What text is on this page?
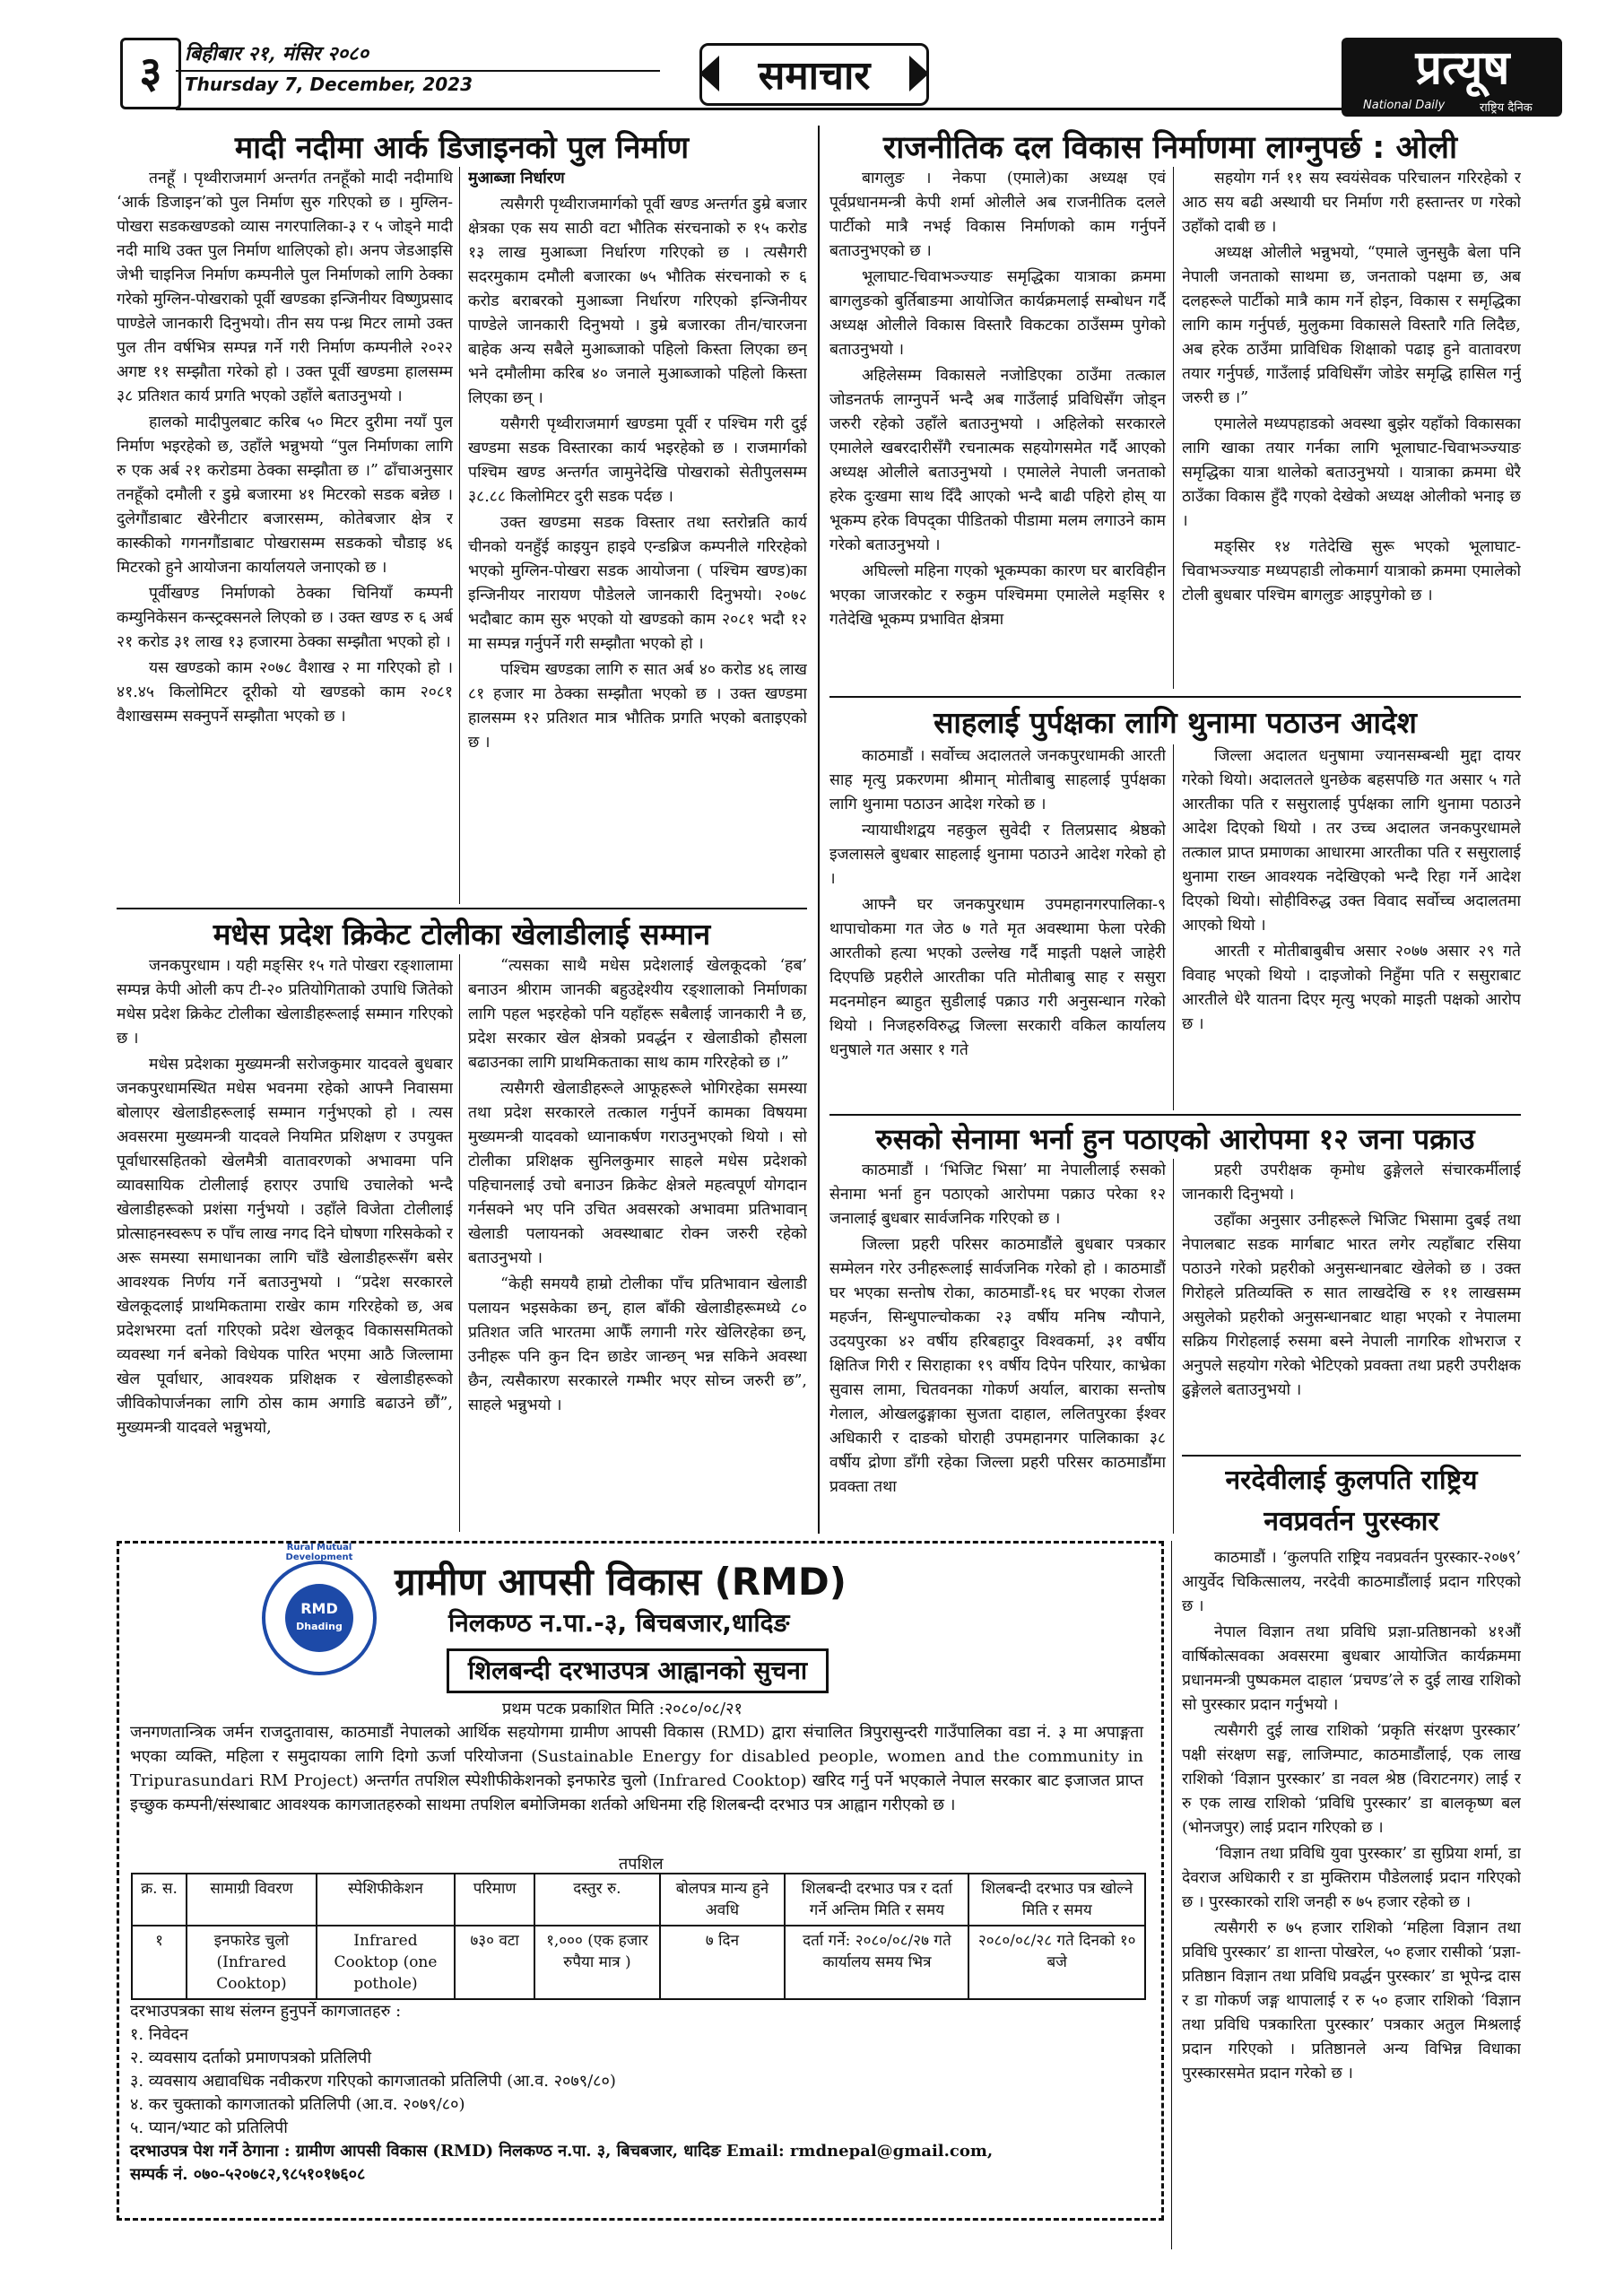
३	बिहीबार २१, मंसिर २०८०
Thursday 7, December, 2023	समाचार	प्रत्यूष
National Daily	राष्ट्रिय दैनिक
मादी नदीमा आर्क डिजाइनको पुल निर्माण

तनहूँ । पृथ्वीराजमार्ग अन्तर्गत तनहूँको मादी नदीमाथि ‘आर्क डिजाइन’को पुल निर्माण सुरु गरिएको छ । मुग्लिन-पोखरा सडकखण्डको व्यास नगरपालिका-३ र ५ जोड्ने मादी नदी माथि उक्त पुल निर्माण थालिएको हो। अनप जेडआइसि जेभी चाइनिज निर्माण कम्पनीले पुल निर्माणको लागि ठेक्का गरेको मुग्लिन-पोखराको पूर्वी खण्डका इन्जिनीयर विष्णुप्रसाद पाण्डेले जानकारी दिनुभयो। तीन सय पन्ध्र मिटर लामो उक्त पुल तीन वर्षभित्र सम्पन्न गर्ने गरी निर्माण कम्पनीले २०२२ अगष्ट ११ सम्झौता गरेको हो । उक्त पूर्वी खण्डमा हालसम्म ३८ प्रतिशत कार्य प्रगति भएको उहाँले बताउनुभयो ।

हालको मादीपुलबाट करिब ५० मिटर दुरीमा नयाँ पुल निर्माण भइरहेको छ, उहाँले भन्नुभयो “पुल निर्माणका लागि रु एक अर्ब २१ करोडमा ठेक्का सम्झौता छ ।” ढाँचाअनुसार तनहूँको दमौली र डुम्रे बजारमा ४१ मिटरको सडक बन्नेछ । दुलेगौंडाबाट खैरेनीटार बजारसम्म, कोतेबजार क्षेत्र र कास्कीको गगनगौंडाबाट पोखरासम्म सडकको चौडाइ ४६ मिटरको हुने आयोजना कार्यालयले जनाएको छ ।

पूर्वीखण्ड निर्माणको ठेक्का चिनियाँ कम्पनी कम्युनिकेसन कन्स्ट्रक्सनले लिएको छ । उक्त खण्ड रु ६ अर्ब २१ करोड ३१ लाख १३ हजारमा ठेक्का सम्झौता भएको हो ।

यस खण्डको काम २०७८ वैशाख २ मा गरिएको हो । ४१.४५ किलोमिटर दूरीको यो खण्डको काम २०८१ वैशाखसम्म सक्नुपर्ने सम्झौता भएको छ ।

मुआब्जा निर्धारण

त्यसैगरी पृथ्वीराजमार्गको पूर्वी खण्ड अन्तर्गत डुम्रे बजार क्षेत्रका एक सय साठी वटा भौतिक संरचनाको रु १५ करोड १३ लाख मुआब्जा निर्धारण गरिएको छ । त्यसैगरी सदरमुकाम दमौली बजारका ७५ भौतिक संरचनाको रु ६ करोड बराबरको मुआब्जा निर्धारण गरिएको इन्जिनीयर पाण्डेले जानकारी दिनुभयो । डुम्रे बजारका तीन/चारजना बाहेक अन्य सबैले मुआब्जाको पहिलो किस्ता लिएका छन् भने दमौलीमा करिब ४० जनाले मुआब्जाको पहिलो किस्ता लिएका छन् ।

यसैगरी पृथ्वीराजमार्ग खण्डमा पूर्वी र पश्चिम गरी दुई खण्डमा सडक विस्तारका कार्य भइरहेको छ । राजमार्गको पश्चिम खण्ड अन्तर्गत जामुनेदेखि पोखराको सेतीपुलसम्म ३८.८८ किलोमिटर दुरी सडक पर्दछ ।

उक्त खण्डमा सडक विस्तार तथा स्तरोन्नति कार्य चीनको यनहुँई काइयुन हाइवे एन्डब्रिज कम्पनीले गरिरहेको भएको मुग्लिन-पोखरा सडक आयोजना ( पश्चिम खण्ड)का इन्जिनीयर नारायण पौडेलले जानकारी दिनुभयो। २०७८ भदौबाट काम सुरु भएको यो खण्डको काम २०८१ भदौ १२ मा सम्पन्न गर्नुपर्ने गरी सम्झौता भएको हो ।

पश्चिम खण्डका लागि रु सात अर्ब ४० करोड ४६ लाख ८१ हजार मा ठेक्का सम्झौता भएको छ । उक्त खण्डमा हालसम्म १२ प्रतिशत मात्र भौतिक प्रगति भएको बताइएको छ ।

मधेस प्रदेश क्रिकेट टोलीका खेलाडीलाई सम्मान

जनकपुरधाम । यही मङ्सिर १५ गते पोखरा रङ्शालामा सम्पन्न केपी ओली कप टी-२० प्रतियोगिताको उपाधि जितेको मधेस प्रदेश क्रिकेट टोलीका खेलाडीहरूलाई सम्मान गरिएको छ ।

मधेस प्रदेशका मुख्यमन्त्री सरोजकुमार यादवले बुधबार जनकपुरधामस्थित मधेस भवनमा रहेको आफ्नै निवासमा बोलाएर खेलाडीहरूलाई सम्मान गर्नुभएको हो । त्यस अवसरमा मुख्यमन्त्री यादवले नियमित प्रशिक्षण र उपयुक्त पूर्वाधारसहितको खेलमैत्री वातावरणको अभावमा पनि व्यावसायिक टोलीलाई हराएर उपाधि उचालेको भन्दै खेलाडीहरूको प्रशंसा गर्नुभयो । उहाँले विजेता टोलीलाई प्रोत्साहनस्वरूप रु पाँच लाख नगद दिने घोषणा गरिसकेको र अरू समस्या समाधानका लागि चाँडै खेलाडीहरूसँग बसेर आवश्यक निर्णय गर्ने बताउनुभयो । “प्रदेश सरकारले खेलकूदलाई प्राथमिकतामा राखेर काम गरिरहेको छ, अब प्रदेशभरमा दर्ता गरिएको प्रदेश खेलकूद विकाससमितको व्यवस्था गर्न बनेको विधेयक पारित भएमा आठै जिल्लामा खेल पूर्वाधार, आवश्यक प्रशिक्षक र खेलाडीहरूको जीविकोपार्जनका लागि ठोस काम अगाडि बढाउने छौं”, मुख्यमन्त्री यादवले भन्नुभयो,

“त्यसका साथै मधेस प्रदेशलाई खेलकूदको ‘हब’ बनाउन श्रीराम जानकी बहुउद्देश्यीय रङ्शालाको निर्माणका लागि पहल भइरहेको पनि यहाँहरू सबैलाई जानकारी नै छ, प्रदेश सरकार खेल क्षेत्रको प्रवर्द्धन र खेलाडीको हौसला बढाउनका लागि प्राथमिकताका साथ काम गरिरहेको छ ।”

त्यसैगरी खेलाडीहरूले आफूहरूले भोगिरहेका समस्या तथा प्रदेश सरकारले तत्काल गर्नुपर्ने कामका विषयमा मुख्यमन्त्री यादवको ध्यानाकर्षण गराउनुभएको थियो । सो टोलीका प्रशिक्षक सुनिलकुमार साहले मधेस प्रदेशको पहिचानलाई उचो बनाउन क्रिकेट क्षेत्रले महत्वपूर्ण योगदान गर्नसक्ने भए पनि उचित अवसरको अभावमा प्रतिभावान् खेलाडी पलायनको अवस्थाबाट रोक्न जरुरी रहेको बताउनुभयो ।

“केही समययै हाम्रो टोलीका पाँच प्रतिभावान खेलाडी पलायन भइसकेका छन्, हाल बाँकी खेलाडीहरूमध्ये ८० प्रतिशत जति भारतमा आफैँ लगानी गरेर खेलिरहेका छन्, उनीहरू पनि कुन दिन छाडेर जान्छन् भन्न सकिने अवस्था छैन, त्यसैकारण सरकारले गम्भीर भएर सोच्न जरुरी छ”, साहले भन्नुभयो ।

राजनीतिक दल विकास निर्माणमा लाग्नुपर्छ : ओली

बागलुङ । नेकपा (एमाले)का अध्यक्ष एवं पूर्वप्रधानमन्त्री केपी शर्मा ओलीले अब राजनीतिक दलले पार्टीको मात्रै नभई विकास निर्माणको काम गर्नुपर्ने बताउनुभएको छ ।

भूलाघाट-चिवाभञ्ज्याङ समृद्धिका यात्राका क्रममा बागलुङको बुर्तिबाङमा आयोजित कार्यक्रमलाई सम्बोधन गर्दै अध्यक्ष ओलीले विकास विस्तारै विकटका ठाउँसम्म पुगेको बताउनुभयो ।

अहिलेसम्म विकासले नजोडिएका ठाउँमा तत्काल जोडनतर्फ लाग्नुपर्ने भन्दै अब गाउँलाई प्रविधिसँग जोड्न जरुरी रहेको उहाँले बताउनुभयो । अहिलेको सरकारले एमालेले खबरदारीसँगै रचनात्मक सहयोगसमेत गर्दै आएको अध्यक्ष ओलीले बताउनुभयो । एमालेले नेपाली जनताको हरेक दुःखमा साथ दिँदै आएको भन्दै बाढी पहिरो होस् या भूकम्प हरेक विपद्का पीडितको पीडामा मलम लगाउने काम गरेको बताउनुभयो ।

अघिल्लो महिना गएको भूकम्पका कारण घर बारविहीन भएका जाजरकोट र रुकुम पश्चिममा एमालेले मङ्सिर १ गतेदेखि भूकम्प प्रभावित क्षेत्रमा

सहयोग गर्न ११ सय स्वयंसेवक परिचालन गरिरहेको र आठ सय बढी अस्थायी घर निर्माण गरी हस्तान्तर ण गरेको उहाँको दाबी छ ।

अध्यक्ष ओलीले भन्नुभयो, “एमाले जुनसुकै बेला पनि नेपाली जनताको साथमा छ, जनताको पक्षमा छ, अब दलहरूले पार्टीको मात्रै काम गर्ने होइन, विकास र समृद्धिका लागि काम गर्नुपर्छ, मुलुकमा विकासले विस्तारै गति लिदैछ, अब हरेक ठाउँमा प्राविधिक शिक्षाको पढाइ हुने वातावरण तयार गर्नुपर्छ, गाउँलाई प्रविधिसँग जोडेर समृद्धि हासिल गर्नु जरुरी छ ।”

एमालेले मध्यपहाडको अवस्था बुझेर यहाँको विकासका लागि खाका तयार गर्नका लागि भूलाघाट-चिवाभञ्ज्याङ समृद्धिका यात्रा थालेको बताउनुभयो । यात्राका क्रममा धेरै ठाउँका विकास हुँदै गएको देखेको अध्यक्ष ओलीको भनाइ छ ।

मङ्सिर १४ गतेदेखि सुरू भएको भूलाघाट-चिवाभञ्ज्याङ मध्यपहाडी लोकमार्ग यात्राको क्रममा एमालेको टोली बुधबार पश्चिम बागलुङ आइपुगेको छ ।

साहलाई पुर्पक्षका लागि थुनामा पठाउन आदेश

काठमाडौं । सर्वोच्च अदालतले जनकपुरधामकी आरती साह मृत्यु प्रकरणमा श्रीमान् मोतीबाबु साहलाई पुर्पक्षका लागि थुनामा पठाउन आदेश गरेको छ ।

न्यायाधीशद्वय नहकुल सुवेदी र तिलप्रसाद श्रेष्ठको इजलासले बुधबार साहलाई थुनामा पठाउने आदेश गरेको हो ।

आफ्नै घर जनकपुरधाम उपमहानगरपालिका-९ थापाचोकमा गत जेठ ७ गते मृत अवस्थामा फेला परेकी आरतीको हत्या भएको उल्लेख गर्दै माइती पक्षले जाहेरी दिएपछि प्रहरीले आरतीका पति मोतीबाबु साह र ससुरा मदनमोहन ब्याहुत सुडीलाई पक्राउ गरी अनुसन्धान गरेको थियो । निजहरुविरुद्ध जिल्ला सरकारी वकिल कार्यालय धनुषाले गत असार १ गते

जिल्ला अदालत धनुषामा ज्यानसम्बन्धी मुद्दा दायर गरेको थियो। अदालतले धुनछेक बहसपछि गत असार ५ गते आरतीका पति र ससुरालाई पुर्पक्षका लागि थुनामा पठाउने आदेश दिएको थियो । तर उच्च अदालत जनकपुरधामले तत्काल प्राप्त प्रमाणका आधारमा आरतीका पति र ससुरालाई थुनामा राख्न आवश्यक नदेखिएको भन्दै रिहा गर्ने आदेश दिएको थियो। सोहीविरुद्ध उक्त विवाद सर्वोच्च अदालतमा आएको थियो ।

आरती र मोतीबाबुबीच असार २०७७ असार २९ गते विवाह भएको थियो । दाइजोको निहुँमा पति र ससुराबाट आरतीले धेरै यातना दिएर मृत्यु भएको माइती पक्षको आरोप छ ।

रुसको सेनामा भर्ना हुन पठाएको आरोपमा १२ जना पक्राउ

काठमाडौं । ‘भिजिट भिसा’ मा नेपालीलाई रुसको सेनामा भर्ना हुन पठाएको आरोपमा पक्राउ परेका १२ जनालाई बुधबार सार्वजनिक गरिएको छ ।

जिल्ला प्रहरी परिसर काठमाडौंले बुधबार पत्रकार सम्मेलन गरेर उनीहरूलाई सार्वजनिक गरेको हो । काठमाडौं घर भएका सन्तोष रोका, काठमाडौं-१६ घर भएका रोजल महर्जन, सिन्धुपाल्चोकका २३ वर्षीय मनिष न्यौपाने, उदयपुरका ४२ वर्षीय हरिबहादुर विश्वकर्मा, ३१ वर्षीय क्षितिज गिरी र सिराहाका १९ वर्षीय दिपेन परियार, काभ्रेका सुवास लामा, चितवनका गोकर्ण अर्याल, बाराका सन्तोष गेलाल, ओखलढुङ्गाका सुजता दाहाल, ललितपुरका ईश्वर अधिकारी र दाङको घोराही उपमहानगर पालिकाका ३८ वर्षीय द्रोणा डाँगी रहेका जिल्ला प्रहरी परिसर काठमाडौंमा प्रवक्ता तथा

प्रहरी उपरीक्षक कृमोध ढुङ्गेलले संचारकर्मीलाई जानकारी दिनुभयो ।

उहाँका अनुसार उनीहरूले भिजिट भिसामा दुबई तथा नेपालबाट सडक मार्गबाट भारत लगेर त्यहाँबाट रसिया पठाउने गरेको प्रहरीको अनुसन्धानबाट खेलेको छ । उक्त गिरोहले प्रतिव्यक्ति रु सात लाखदेखि रु ११ लाखसम्म असुलेको प्रहरीको अनुसन्धानबाट थाहा भएको र नेपालमा सक्रिय गिरोहलाई रुसमा बस्ने नेपाली नागरिक शोभराज र अनुपले सहयोग गरेको भेटिएको प्रवक्ता तथा प्रहरी उपरीक्षक ढुङ्गेलले बताउनुभयो ।

नरदेवीलाई कुलपति राष्ट्रिय
नवप्रवर्तन पुरस्कार

काठमाडौं । ‘कुलपति राष्ट्रिय नवप्रवर्तन पुरस्कार-२०७९’ आयुर्वेद चिकित्सालय, नरदेवी काठमाडौंलाई प्रदान गरिएको छ ।

नेपाल विज्ञान तथा प्रविधि प्रज्ञा-प्रतिष्ठानको ४१औं वार्षिकोत्सवका अवसरमा बुधबार आयोजित कार्यक्रममा प्रधानमन्त्री पुष्पकमल दाहाल ‘प्रचण्ड’ले रु दुई लाख राशिको सो पुरस्कार प्रदान गर्नुभयो ।

त्यसैगरी दुई लाख राशिको ‘प्रकृति संरक्षण पुरस्कार’ पक्षी संरक्षण सङ्घ, लाजिम्पाट, काठमाडौंलाई, एक लाख राशिको ‘विज्ञान पुरस्कार’ डा नवल श्रेष्ठ (विराटनगर) लाई र रु एक लाख राशिको ‘प्रविधि पुरस्कार’ डा बालकृष्ण बल (भोनजपुर) लाई प्रदान गरिएको छ ।

‘विज्ञान तथा प्रविधि युवा पुरस्कार’ डा सुप्रिया शर्मा, डा देवराज अधिकारी र डा मुक्तिराम पौडेललाई प्रदान गरिएको छ । पुरस्कारको राशि जनही रु ७५ हजार रहेको छ ।

त्यसैगरी रु ७५ हजार राशिको ‘महिला विज्ञान तथा प्रविधि पुरस्कार’ डा शान्ता पोखरेल, ५० हजार रासीको ‘प्रज्ञा-प्रतिष्ठान विज्ञान तथा प्रविधि प्रवर्द्धन पुरस्कार’ डा भूपेन्द्र दास र डा गोकर्ण जङ्ग थापालाई र रु ५० हजार राशिको ‘विज्ञान तथा प्रविधि पत्रकारिता पुरस्कार’ पत्रकार अतुल मिश्रलाई प्रदान गरिएको । प्रतिष्ठानले अन्य विभिन्न विधाका पुरस्कारसमेत प्रदान गरेको छ ।

RMD
Dhading
Rural Mutual Development
ग्रामीण आपसी विकास (RMD)
निलकण्ठ न.पा.-३, बिचबजार,धादिङ
शिलबन्दी दरभाउपत्र आह्वानको सुचना
प्रथम पटक प्रकाशित मिति :२०८०/०८/२१
जनगणतान्त्रिक जर्मन राजदुतावास, काठमाडौं नेपालको आर्थिक सहयोगमा ग्रामीण आपसी विकास (RMD) द्वारा संचालित त्रिपुरासुन्दरी गाउँपालिका वडा नं. ३ मा अपाङ्गता भएका व्यक्ति, महिला र समुदायका लागि दिगो ऊर्जा परियोजना (Sustainable Energy for disabled people, women and the community in Tripurasundari RM Project) अन्तर्गत तपशिल स्पेशीफीकेशनको इनफारेड चुलो (Infrared Cooktop) खरिद गर्नु पर्ने भएकाले नेपाल सरकार बाट इजाजत प्राप्त इच्छुक कम्पनी/संस्थाबाट आवश्यक कागजातहरुको साथमा तपशिल बमोजिमका शर्तको अधिनमा रहि शिलबन्दी दरभाउ पत्र आह्वान गरीएको छ ।
तपशिल
क्र. स.	सामाग्री विवरण	स्पेशिफीकेशन	परिमाण	दस्तुर रु.	बोलपत्र मान्य हुने अवधि	शिलबन्दी दरभाउ पत्र र दर्ता गर्ने अन्तिम मिति र समय	शिलबन्दी दरभाउ पत्र खोल्ने मिति र समय
१	इनफारेड चुलो (Infrared Cooktop)	Infrared Cooktop (one pothole)	७३० वटा	१,००० (एक हजार रुपैया मात्र )	७ दिन	दर्ता गर्ने: २०८०/०८/२७ गते कार्यालय समय भित्र	२०८०/०८/२८ गते दिनको १० बजे
दरभाउपत्रका साथ संलग्न हुनुपर्ने कागजातहरु :
१. निवेदन
२. व्यवसाय दर्ताको प्रमाणपत्रको प्रतिलिपी
३. व्यवसाय अद्यावधिक नवीकरण गरिएको कागजातको प्रतिलिपी (आ.व. २०७९/८०)
४. कर चुक्ताको कागजातको प्रतिलिपी (आ.व. २०७९/८०)
५. प्यान/भ्याट को प्रतिलिपी
दरभाउपत्र पेश गर्ने ठेगाना : ग्रामीण आपसी विकास (RMD) निलकण्ठ न.पा. ३, बिचबजार, धादिङ Email: rmdnepal@gmail.com,
सम्पर्क नं. ०७०-५२०७८२,९८५१०१७६०८
